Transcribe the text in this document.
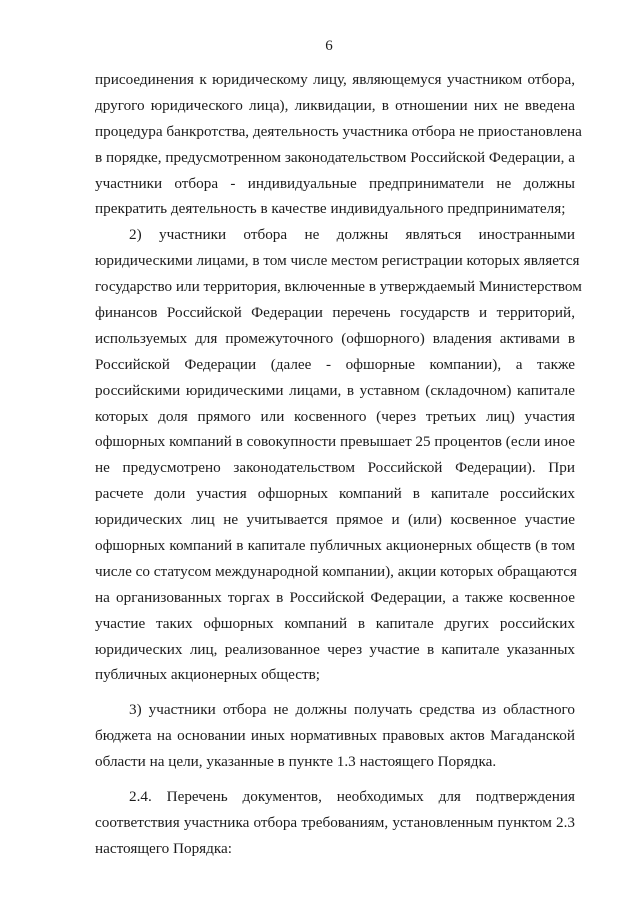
6
присоединения к юридическому лицу, являющемуся участником отбора,
другого юридического лица), ликвидации, в отношении них не введена
процедура банкротства, деятельность участника отбора не приостановлена
в порядке, предусмотренном законодательством Российской Федерации, а
участники отбора - индивидуальные предприниматели не должны
прекратить деятельность в качестве индивидуального предпринимателя;
2) участники отбора не должны являться иностранными
юридическими лицами, в том числе местом регистрации которых является
государство или территория, включенные в утверждаемый Министерством
финансов Российской Федерации перечень государств и территорий,
используемых для промежуточного (офшорного) владения активами в
Российской Федерации (далее - офшорные компании), а также
российскими юридическими лицами, в уставном (складочном) капитале
которых доля прямого или косвенного (через третьих лиц) участия
офшорных компаний в совокупности превышает 25 процентов (если иное
не предусмотрено законодательством Российской Федерации). При
расчете доли участия офшорных компаний в капитале российских
юридических лиц не учитывается прямое и (или) косвенное участие
офшорных компаний в капитале публичных акционерных обществ (в том
числе со статусом международной компании), акции которых обращаются
на организованных торгах в Российской Федерации, а также косвенное
участие таких офшорных компаний в капитале других российских
юридических лиц, реализованное через участие в капитале указанных
публичных акционерных обществ;
3) участники отбора не должны получать средства из областного
бюджета на основании иных нормативных правовых актов Магаданской
области на цели, указанные в пункте 1.3 настоящего Порядка.
2.4. Перечень документов, необходимых для подтверждения
соответствия участника отбора требованиям, установленным пунктом 2.3
настоящего Порядка:
